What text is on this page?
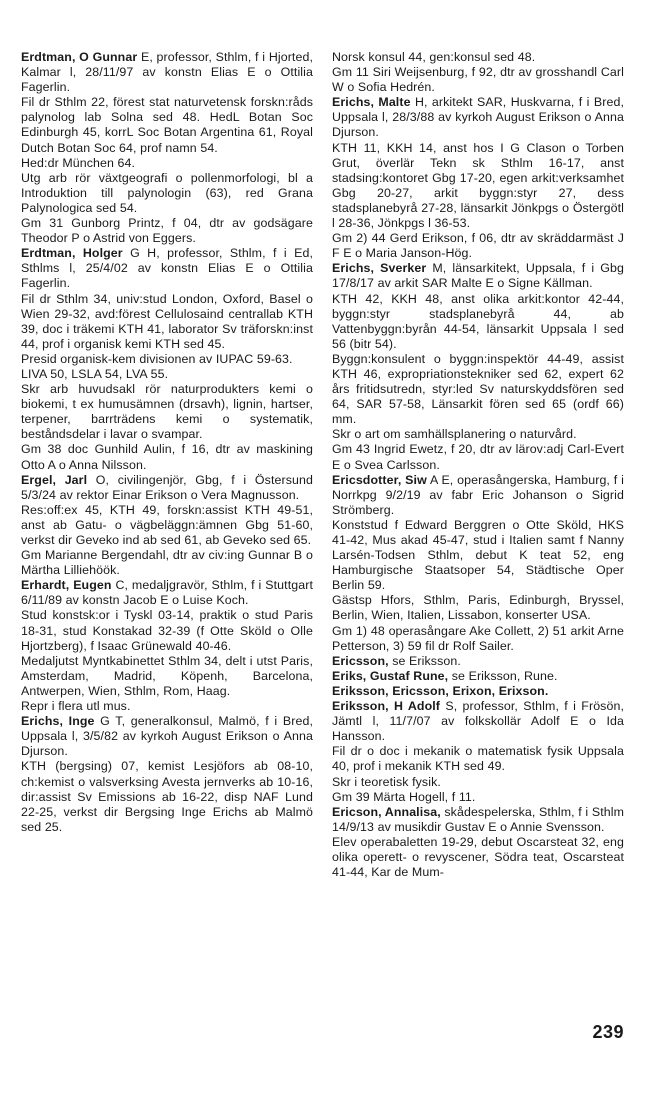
Erdtman, O Gunnar E, professor, Sthlm, f i Hjorted, Kalmar l, 28/11/97 av konstn Elias E o Ottilia Fagerlin.

Fil dr Sthlm 22, förest stat naturvetensk forskn:råds palynolog lab Solna sed 48. HedL Botan Soc Edinburgh 45, korrL Soc Botan Argentina 61, Royal Dutch Botan Soc 64, prof namn 54.

Hed:dr München 64.

Utg arb rör växtgeografi o pollenmorfologi, bl a Introduktion till palynologin (63), red Grana Palynologica sed 54.

Gm 31 Gunborg Printz, f 04, dtr av godsägare Theodor P o Astrid von Eggers.

Erdtman, Holger G H, professor, Sthlm, f i Ed, Sthlms l, 25/4/02 av konstn Elias E o Ottilia Fagerlin.

Fil dr Sthlm 34, univ:stud London, Oxford, Basel o Wien 29-32, avd:förest Cellulosaind centrallab KTH 39, doc i träkemi KTH 41, laborator Sv träforskn:inst 44, prof i organisk kemi KTH sed 45.

Presid organisk-kem divisionen av IUPAC 59-63.

LIVA 50, LSLA 54, LVA 55.

Skr arb huvudsakl rör naturprodukters kemi o biokemi, t ex humusämnen (drsavh), lignin, hartser, terpener, barrträdens kemi o systematik, beståndsdelar i lavar o svampar.

Gm 38 doc Gunhild Aulin, f 16, dtr av maskining Otto A o Anna Nilsson.

Ergel, Jarl O, civilingenjör, Gbg, f i Östersund 5/3/24 av rektor Einar Erikson o Vera Magnusson.

Res:off:ex 45, KTH 49, forskn:assist KTH 49-51, anst ab Gatu- o vägbeläggn:ämnen Gbg 51-60, verkst dir Geveko ind ab sed 61, ab Geveko sed 65.

Gm Marianne Bergendahl, dtr av civ:ing Gunnar B o Märtha Lilliehöök.

Erhardt, Eugen C, medaljgravör, Sthlm, f i Stuttgart 6/11/89 av konstn Jacob E o Luise Koch.

Stud konstsk:or i Tyskl 03-14, praktik o stud Paris 18-31, stud Konstakad 32-39 (f Otte Sköld o Olle Hjortzberg), f Isaac Grünewald 40-46.

Medaljutst Myntkabinettet Sthlm 34, delt i utst Paris, Amsterdam, Madrid, Köpenh, Barcelona, Antwerpen, Wien, Sthlm, Rom, Haag.

Repr i flera utl mus.

Erichs, Inge G T, generalkonsul, Malmö, f i Bred, Uppsala l, 3/5/82 av kyrkoh August Erikson o Anna Djurson.

KTH (bergsing) 07, kemist Lesjöfors ab 08-10, ch:kemist o valsverksing Avesta jernverks ab 10-16, dir:assist Sv Emissions ab 16-22, disp NAF Lund 22-25, verkst dir Bergsing Inge Erichs ab Malmö sed 25.

Norsk konsul 44, gen:konsul sed 48.

Gm 11 Siri Weijsenburg, f 92, dtr av grosshandl Carl W o Sofia Hedrén.

Erichs, Malte H, arkitekt SAR, Huskvarna, f i Bred, Uppsala l, 28/3/88 av kyrkoh August Erikson o Anna Djurson.

KTH 11, KKH 14, anst hos I G Clason o Torben Grut, överlär Tekn sk Sthlm 16-17, anst stadsing:kontoret Gbg 17-20, egen arkit:verksamhet Gbg 20-27, arkit byggn:styr 27, dess stadsplanebyrå 27-28, länsarkit Jönkpgs o Östergötl l 28-36, Jönkpgs l 36-53.

Gm 2) 44 Gerd Erikson, f 06, dtr av skräddarmäst J F E o Maria Janson-Hög.

Erichs, Sverker M, länsarkitekt, Uppsala, f i Gbg 17/8/17 av arkit SAR Malte E o Signe Källman.

KTH 42, KKH 48, anst olika arkit:kontor 42-44, byggn:styr stadsplanebyrå 44, ab Vattenbyggn:byrån 44-54, länsarkit Uppsala l sed 56 (bitr 54).

Byggn:konsulent o byggn:inspektör 44-49, assist KTH 46, expropriationstekniker sed 62, expert 62 års fritidsutredn, styr:led Sv naturskyddsfören sed 64, SAR 57-58, Länsarkit fören sed 65 (ordf 66) mm.

Skr o art om samhällsplanering o naturvård.

Gm 43 Ingrid Ewetz, f 20, dtr av lärov:adj Carl-Evert E o Svea Carlsson.

Ericsdotter, Siw A E, operasångerska, Hamburg, f i Norrkpg 9/2/19 av fabr Eric Johanson o Sigrid Strömberg.

Konststud f Edward Berggren o Otte Sköld, HKS 41-42, Mus akad 45-47, stud i Italien samt f Nanny Larsén-Todsen Sthlm, debut K teat 52, eng Hamburgische Staatsoper 54, Städtische Oper Berlin 59.

Gästsp Hfors, Sthlm, Paris, Edinburgh, Bryssel, Berlin, Wien, Italien, Lissabon, konserter USA.

Gm 1) 48 operasångare Ake Collett, 2) 51 arkit Arne Petterson, 3) 59 fil dr Rolf Sailer.

Ericsson, se Eriksson.

Eriks, Gustaf Rune, se Eriksson, Rune.

Eriksson, Ericsson, Erixon, Erixson.

Eriksson, H Adolf S, professor, Sthlm, f i Frösön, Jämtl l, 11/7/07 av folkskollär Adolf E o Ida Hansson.

Fil dr o doc i mekanik o matematisk fysik Uppsala 40, prof i mekanik KTH sed 49.

Skr i teoretisk fysik.

Gm 39 Märta Hogell, f 11.

Ericson, Annalisa, skådespelerska, Sthlm, f i Sthlm 14/9/13 av musikdir Gustav E o Annie Svensson.

Elev operabaletten 19-29, debut Oscarsteat 32, eng olika operett- o revyscener, Södra teat, Oscarsteat 41-44, Kar de Mum-

239
